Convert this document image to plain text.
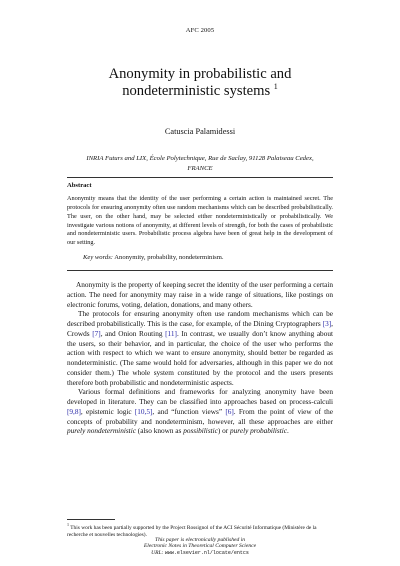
AFC 2005
Anonymity in probabilistic and
nondeterministic systems $^1$
Catuscia Palamidessi
INRIA Futurs and LIX, École Polytechnique, Rue de Saclay, 91128 Palaiseau Cedex,
FRANCE
Abstract
Anonymity means that the identity of the user performing a certain action is maintained secret. The protocols for ensuring anonymity often use random mechanisms which can be described probabilistically. The user, on the other hand, may be selected either nondeterministically or probabilistically. We investigate various notions of anonymity, at different levels of strength, for both the cases of probabilistic and nondeterministic users. Probabilistic process algebra have been of great help in the development of our setting.
Key words: Anonymity, probability, nondeterminism.

Anonymity is the property of keeping secret the identity of the user performing a certain action. The need for anonymity may raise in a wide range of situations, like postings on electronic forums, voting, delation, donations, and many others.

The protocols for ensuring anonymity often use random mechanisms which can be described probabilistically. This is the case, for example, of the Dining Cryptographers [3], Crowds [7], and Onion Routing [11]. In contrast, we usually don’t know anything about the users, so their behavior, and in particular, the choice of the user who performs the action with respect to which we want to ensure anonymity, should better be regarded as nondeterministic. (The same would hold for adversaries, although in this paper we do not consider them.) The whole system constituted by the protocol and the users presents therefore both probabilistic and nondeterministic aspects.

Various formal definitions and frameworks for analyzing anonymity have been developed in literature. They can be classified into approaches based on process-calculi [9,8], epistemic logic [10,5], and “function views” [6]. From the point of view of the concepts of probability and nondeterminism, however, all these approaches are either purely nondeterministic (also known as possibilistic) or purely probabilistic.

$^1$ This work has been partially supported by the Project Rossignol of the ACI Sécurité Informatique (Ministère de la recherche et nouvelles technologies).
This paper is electronically published in
Electronic Notes in Theoretical Computer Science
URL: www.elsevier.nl/locate/entcs
